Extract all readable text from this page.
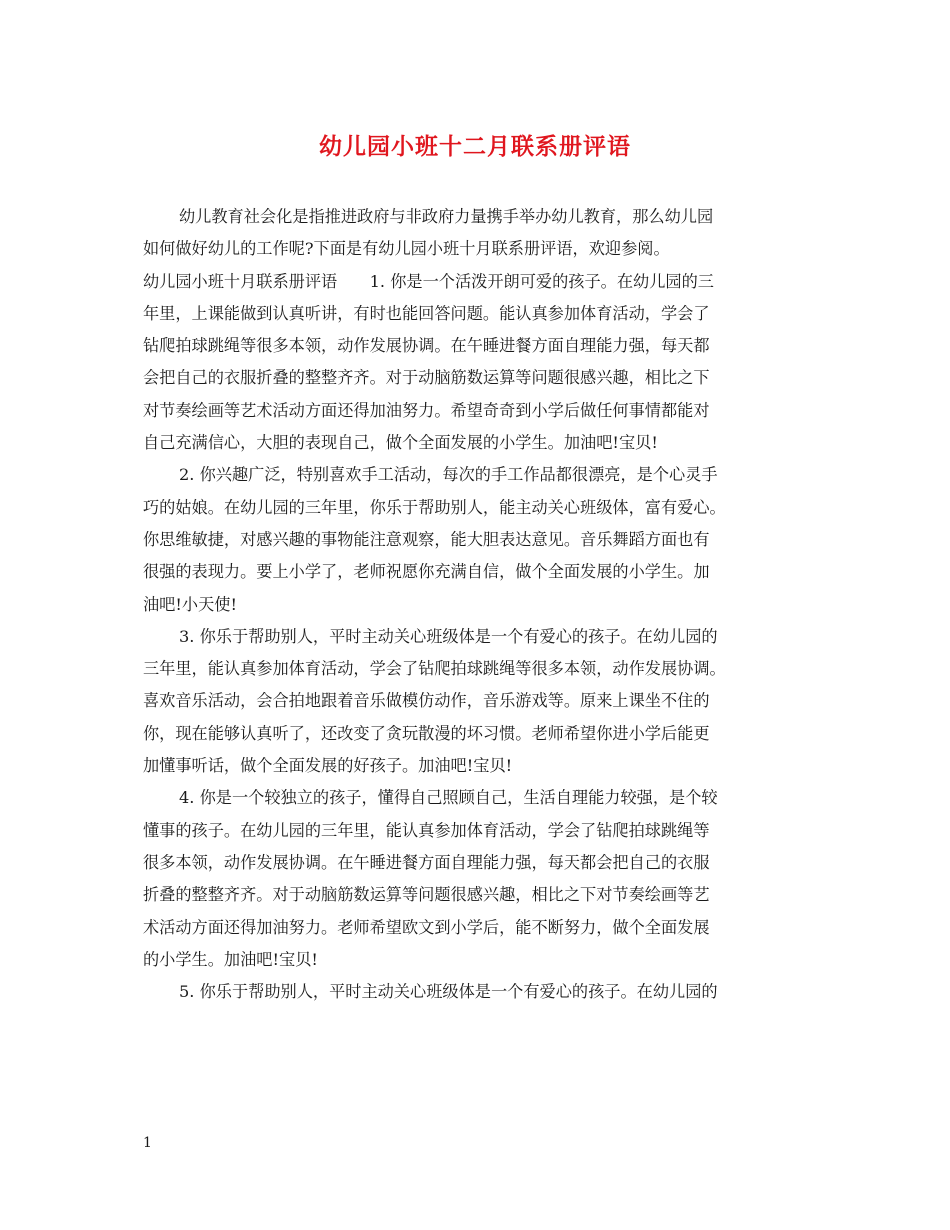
幼儿园小班十二月联系册评语
幼儿教育社会化是指推进政府与非政府力量携手举办幼儿教育，那么幼儿园
如何做好幼儿的工作呢?下面是有幼儿园小班十月联系册评语，欢迎参阅。
幼儿园小班十月联系册评语　　1. 你是一个活泼开朗可爱的孩子。在幼儿园的三
年里，上课能做到认真听讲，有时也能回答问题。能认真参加体育活动，学会了
钻爬拍球跳绳等很多本领，动作发展协调。在午睡进餐方面自理能力强，每天都
会把自己的衣服折叠的整整齐齐。对于动脑筋数运算等问题很感兴趣，相比之下
对节奏绘画等艺术活动方面还得加油努力。希望奇奇到小学后做任何事情都能对
自己充满信心，大胆的表现自己，做个全面发展的小学生。加油吧!宝贝!
2. 你兴趣广泛，特别喜欢手工活动，每次的手工作品都很漂亮，是个心灵手
巧的姑娘。在幼儿园的三年里，你乐于帮助别人，能主动关心班级体，富有爱心。
你思维敏捷，对感兴趣的事物能注意观察，能大胆表达意见。音乐舞蹈方面也有
很强的表现力。要上小学了，老师祝愿你充满自信，做个全面发展的小学生。加
油吧!小天使!
3. 你乐于帮助别人，平时主动关心班级体是一个有爱心的孩子。在幼儿园的
三年里，能认真参加体育活动，学会了钻爬拍球跳绳等很多本领，动作发展协调。
喜欢音乐活动，会合拍地跟着音乐做模仿动作，音乐游戏等。原来上课坐不住的
你，现在能够认真听了，还改变了贪玩散漫的坏习惯。老师希望你进小学后能更
加懂事听话，做个全面发展的好孩子。加油吧!宝贝!
4. 你是一个较独立的孩子，懂得自己照顾自己，生活自理能力较强，是个较
懂事的孩子。在幼儿园的三年里，能认真参加体育活动，学会了钻爬拍球跳绳等
很多本领，动作发展协调。在午睡进餐方面自理能力强，每天都会把自己的衣服
折叠的整整齐齐。对于动脑筋数运算等问题很感兴趣，相比之下对节奏绘画等艺
术活动方面还得加油努力。老师希望欧文到小学后，能不断努力，做个全面发展
的小学生。加油吧!宝贝!
5. 你乐于帮助别人，平时主动关心班级体是一个有爱心的孩子。在幼儿园的
1
